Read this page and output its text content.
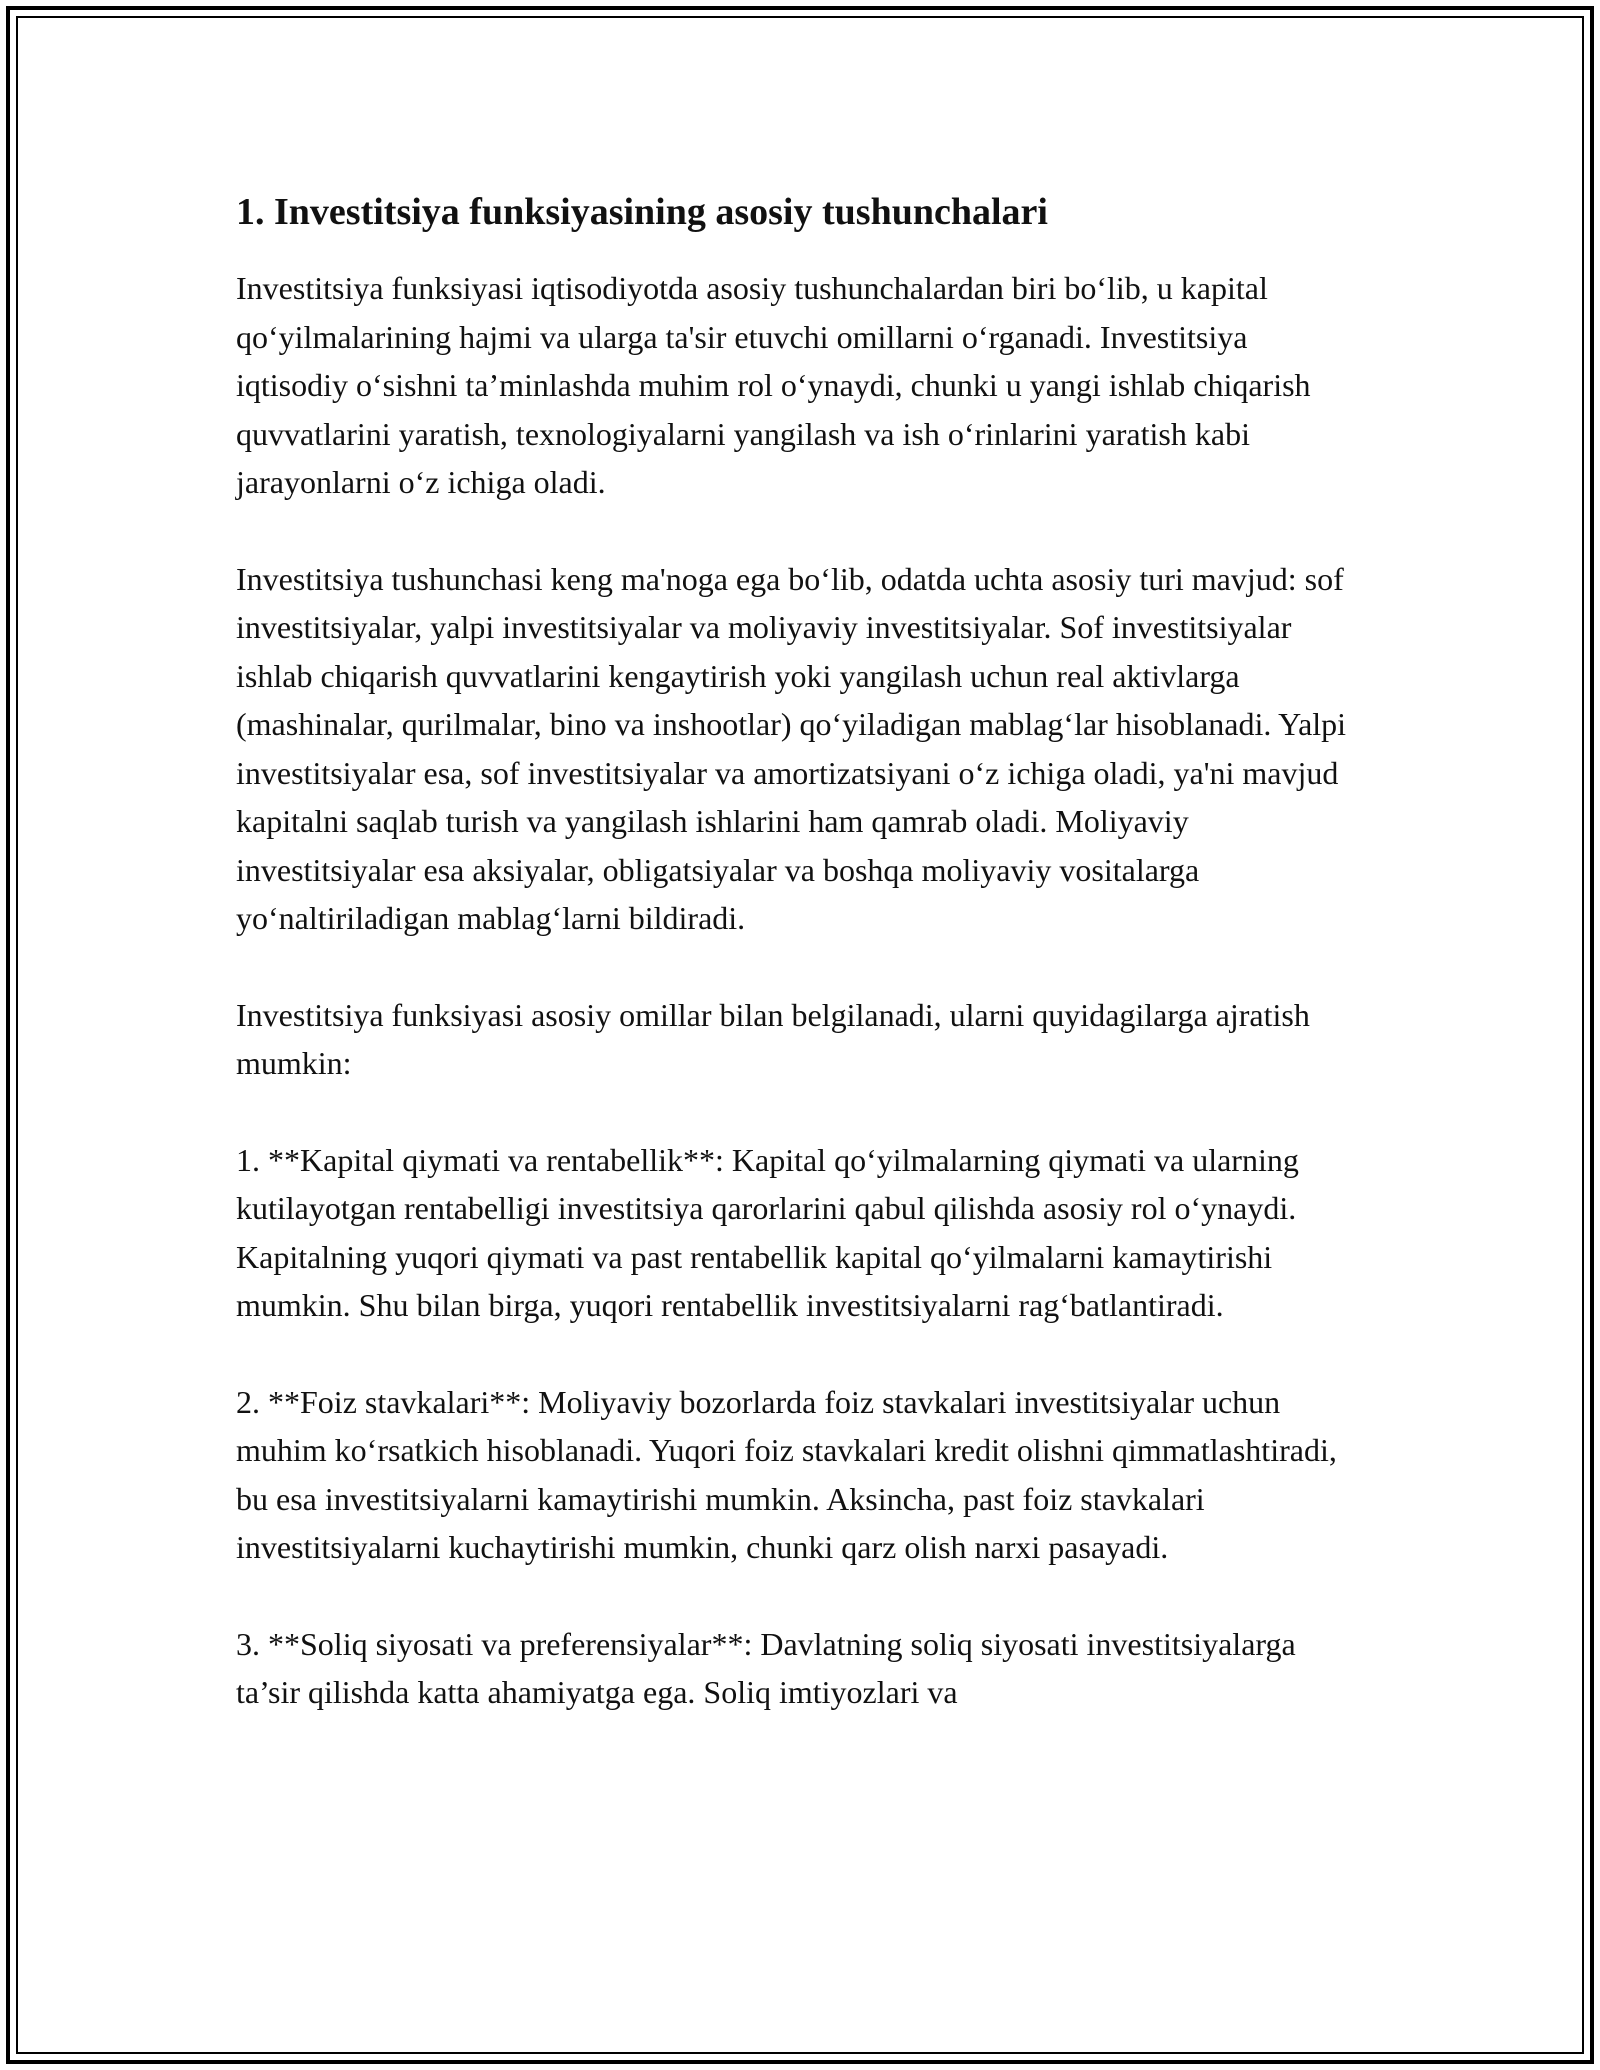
1. Investitsiya funksiyasining asosiy tushunchalari

Investitsiya funksiyasi iqtisodiyotda asosiy tushunchalardan biri bo‘lib, u kapital qo‘yilmalarining hajmi va ularga ta'sir etuvchi omillarni o‘rganadi. Investitsiya iqtisodiy o‘sishni ta’minlashda muhim rol o‘ynaydi, chunki u yangi ishlab chiqarish quvvatlarini yaratish, texnologiyalarni yangilash va ish o‘rinlarini yaratish kabi jarayonlarni o‘z ichiga oladi.

Investitsiya tushunchasi keng ma'noga ega bo‘lib, odatda uchta asosiy turi mavjud: sof investitsiyalar, yalpi investitsiyalar va moliyaviy investitsiyalar. Sof investitsiyalar ishlab chiqarish quvvatlarini kengaytirish yoki yangilash uchun real aktivlarga (mashinalar, qurilmalar, bino va inshootlar) qo‘yiladigan mablag‘lar hisoblanadi. Yalpi investitsiyalar esa, sof investitsiyalar va amortizatsiyani o‘z ichiga oladi, ya'ni mavjud kapitalni saqlab turish va yangilash ishlarini ham qamrab oladi. Moliyaviy investitsiyalar esa aksiyalar, obligatsiyalar va boshqa moliyaviy vositalarga yo‘naltiriladigan mablag‘larni bildiradi.

Investitsiya funksiyasi asosiy omillar bilan belgilanadi, ularni quyidagilarga ajratish mumkin:

1. **Kapital qiymati va rentabellik**: Kapital qo‘yilmalarning qiymati va ularning kutilayotgan rentabelligi investitsiya qarorlarini qabul qilishda asosiy rol o‘ynaydi. Kapitalning yuqori qiymati va past rentabellik kapital qo‘yilmalarni kamaytirishi mumkin. Shu bilan birga, yuqori rentabellik investitsiyalarni rag‘batlantiradi.

2. **Foiz stavkalari**: Moliyaviy bozorlarda foiz stavkalari investitsiyalar uchun muhim ko‘rsatkich hisoblanadi. Yuqori foiz stavkalari kredit olishni qimmatlashtiradi, bu esa investitsiyalarni kamaytirishi mumkin. Aksincha, past foiz stavkalari investitsiyalarni kuchaytirishi mumkin, chunki qarz olish narxi pasayadi.

3. **Soliq siyosati va preferensiyalar**: Davlatning soliq siyosati investitsiyalarga ta’sir qilishda katta ahamiyatga ega. Soliq imtiyozlari va
